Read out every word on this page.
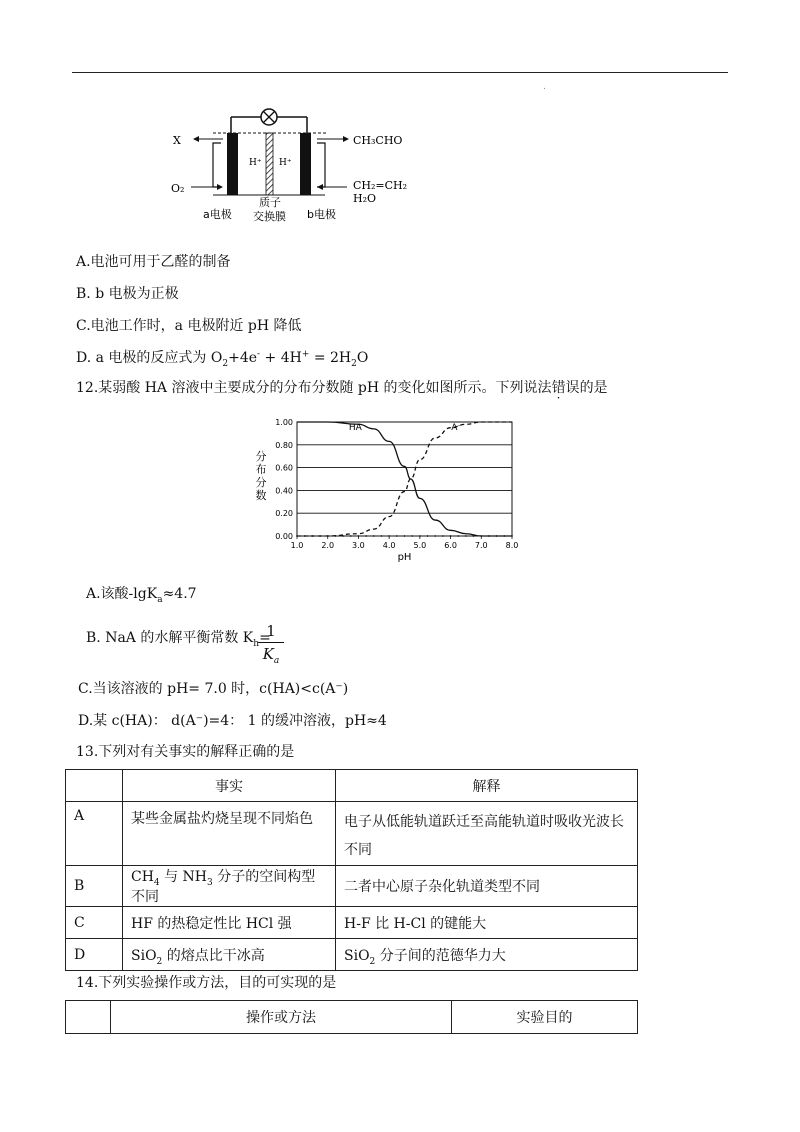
.
X
O₂
H⁺ H⁺
CH₃CHO
CH₂=CH₂
H₂O
a电极
质子
交换膜 b电极
A.电池可用于乙醛的制备
B. b 电极为正极
C.电池工作时，a 电极附近 pH 降低
D. a 电极的反应式为 $O_2+4e^- + 4H^+ = 2H_2O$
12.某弱酸 HA 溶液中主要成分的分布分数随 pH 的变化如图所示。下列说法错误的是
0.00
0.20
0.40
0.60
0.80
1.00
1.0 2.0 3.0 4.0 5.0 6.0 7.0 8.0
pH
分
布
分
数
HA	A⁻
A.该酸-lgK$_a$≈4.7
B. NaA 的水解平衡常数 $K_h=$
$\frac{1}{K_a}$
C.当该溶液的 pH= 7.0 时，c(HA)<c(A⁻)
D.某 c(HA)： d(A⁻)=4： 1 的缓冲溶液，pH≈4
13.下列对有关事实的解释正确的是
	事实	解释
A	某些金属盐灼烧呈现不同焰色	电子从低能轨道跃迁至高能轨道时吸收光波长
不同
B	$CH_4$ 与 $NH_3$ 分子的空间构型不同	二者中心原子杂化轨道类型不同
C	HF 的热稳定性比 HCl 强	H-F 比 H-Cl 的键能大
D	SiO$_2$ 的熔点比干冰高	SiO$_2$ 分子间的范德华力大
14.下列实验操作或方法，目的可实现的是
	操作或方法	实验目的
